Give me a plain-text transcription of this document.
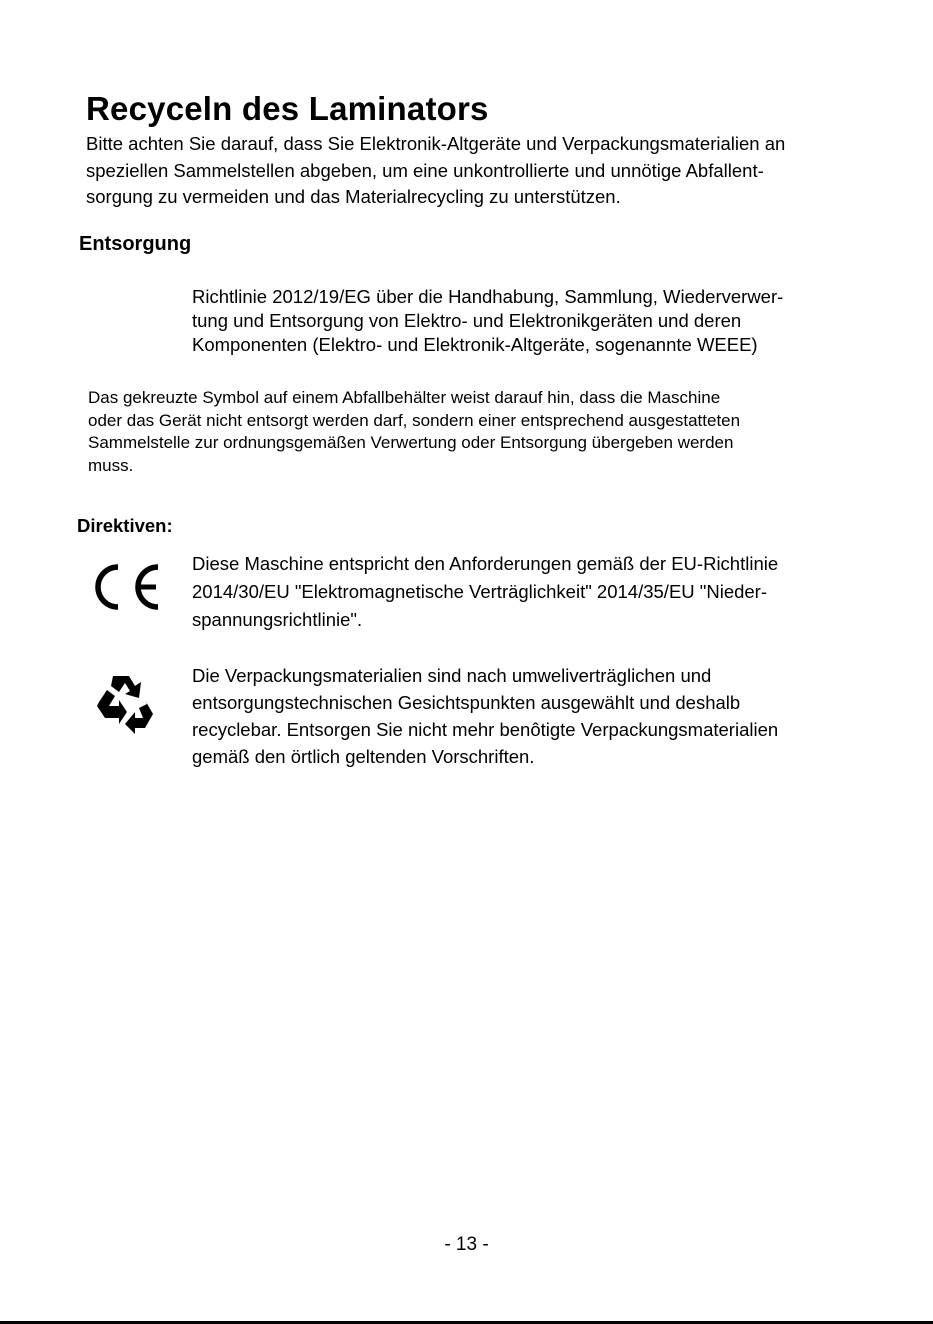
Recyceln des Laminators

Bitte achten Sie darauf, dass Sie Elektronik-Altgeräte und Verpackungsmaterialien an
speziellen Sammelstellen abgeben, um eine unkontrollierte und unnötige Abfallent-
sorgung zu vermeiden und das Materialrecycling zu unterstützen.

Entsorgung

Richtlinie 2012/19/EG über die Handhabung, Sammlung, Wiederverwer-
tung und Entsorgung von Elektro- und Elektronikgeräten und deren
Komponenten (Elektro- und Elektronik-Altgeräte, sogenannte WEEE)

Das gekreuzte Symbol auf einem Abfallbehälter weist darauf hin, dass die Maschine
oder das Gerät nicht entsorgt werden darf, sondern einer entsprechend ausgestatteten
Sammelstelle zur ordnungsgemäßen Verwertung oder Entsorgung übergeben werden
muss.

Direktiven:

Diese Maschine entspricht den Anforderungen gemäß der EU-Richtlinie
2014/30/EU "Elektromagnetische Verträglichkeit" 2014/35/EU "Nieder-
spannungsrichtlinie".

Die Verpackungsmaterialien sind nach umweliverträglichen und
entsorgungstechnischen Gesichtspunkten ausgewählt und deshalb
recyclebar. Entsorgen Sie nicht mehr benôtigte Verpackungsmaterialien
gemäß den örtlich geltenden Vorschriften.

- 13 -
